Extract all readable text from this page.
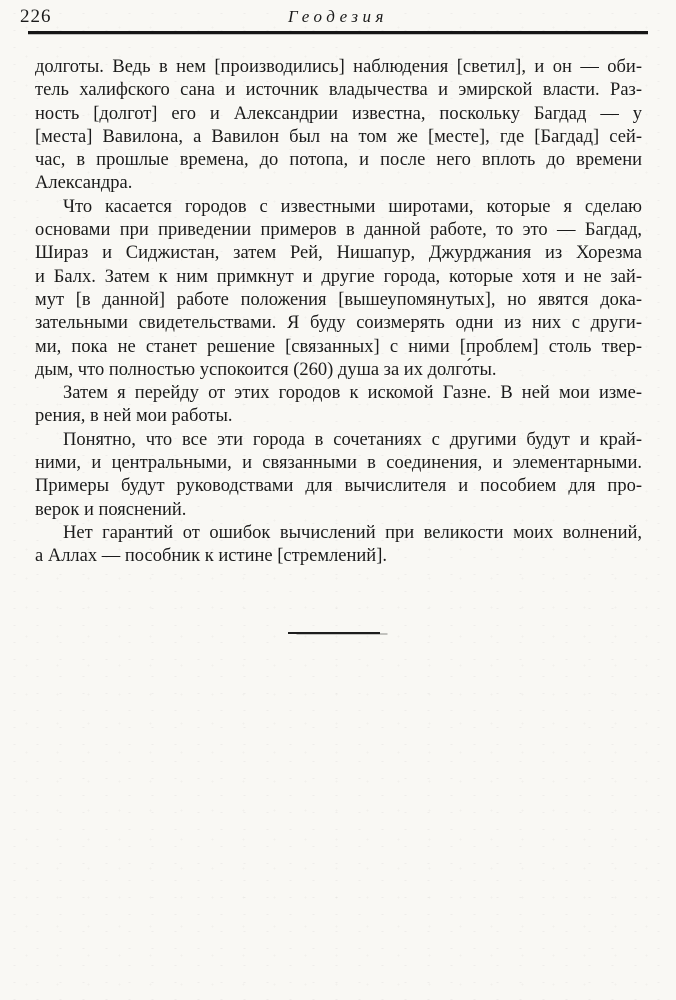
226	Геодезия
долготы. Ведь в нем [производились] наблюдения [светил], и он — оби-
тель халифского сана и источник владычества и эмирской власти. Раз-
ность [долгот] его и Александрии известна, поскольку Багдад — у
[места] Вавилона, а Вавилон был на том же [месте], где [Багдад] сей-
час, в прошлые времена, до потопа, и после него вплоть до времени
Александра.
Что касается городов с известными широтами, которые я сделаю
основами при приведении примеров в данной работе, то это — Багдад,
Шираз и Сиджистан, затем Рей, Нишапур, Джурджания из Хорезма
и Балх. Затем к ним примкнут и другие города, которые хотя и не зай-
мут [в данной] работе положения [вышеупомянутых], но явятся дока-
зательными свидетельствами. Я буду соизмерять одни из них с други-
ми, пока не станет решение [связанных] с ними [проблем] столь твер-
дым, что полностью успокоится (260) душа за их долго́ты.
Затем я перейду от этих городов к искомой Газне. В ней мои изме-
рения, в ней мои работы.
Понятно, что все эти города в сочетаниях с другими будут и край-
ними, и центральными, и связанными в соединения, и элементарными.
Примеры будут руководствами для вычислителя и пособием для про-
верок и пояснений.
Нет гарантий от ошибок вычислений при великости моих волнений,
а Аллах — пособник к истине [стремлений].
